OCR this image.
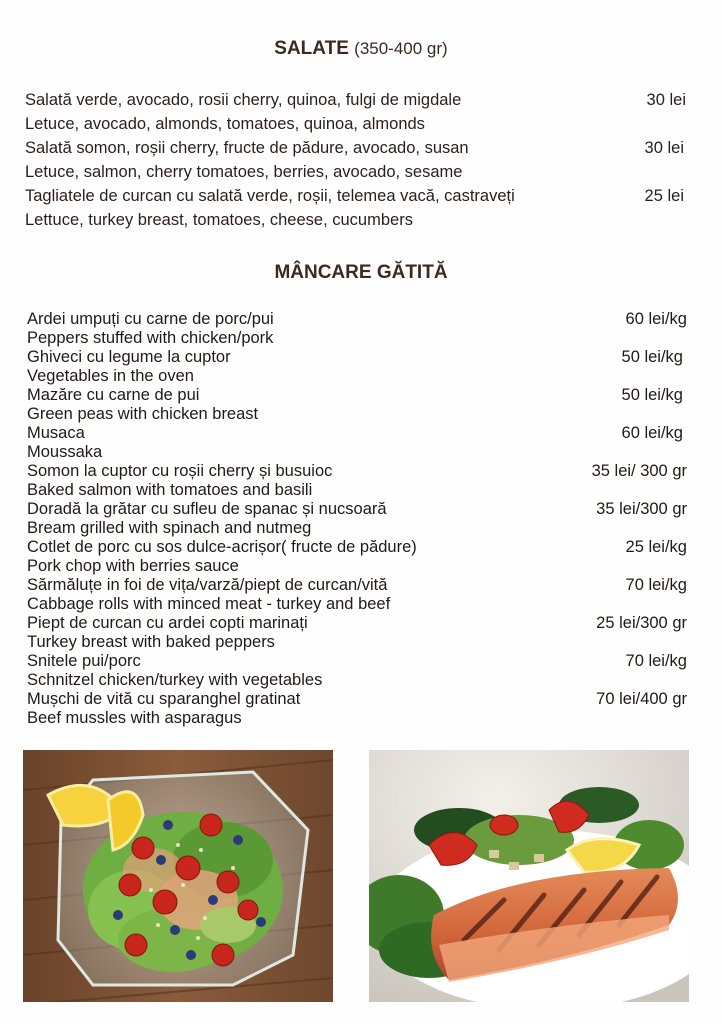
SALATE (350-400 gr)
Salată verde, avocado, rosii cherry, quinoa, fulgi de migdale	30 lei
Letuce, avocado, almonds, tomatoes, quinoa, almonds
Salată somon, roșii cherry, fructe de pădure, avocado, susan	30 lei
Letuce, salmon, cherry tomatoes, berries, avocado, sesame
Tagliatele de curcan cu salată verde, roșii, telemea vacă, castraveți	25 lei
Lettuce, turkey breast, tomatoes, cheese, cucumbers
MÂNCARE GĂTITĂ
Ardei umpuți cu carne de porc/pui	60 lei/kg
Peppers stuffed with chicken/pork
Ghiveci cu legume la cuptor	50 lei/kg
Vegetables in the oven
Mazăre cu carne de pui	50 lei/kg
Green peas with chicken breast
Musaca	60 lei/kg
Moussaka
Somon la cuptor cu roșii cherry și busuioc	35 lei/ 300 gr
Baked salmon with tomatoes and basili
Doradă la grătar cu sufleu de spanac și nucsoară	35 lei/300 gr
Bream grilled with spinach and nutmeg
Cotlet de porc cu sos dulce-acrișor( fructe de pădure)	25 lei/kg
Pork chop with berries sauce
Sărmăluțe in foi de vița/varză/piept de curcan/vită	70 lei/kg
Cabbage rolls with minced meat - turkey and beef
Piept de curcan cu ardei copti marinați	25 lei/300 gr
Turkey breast with baked peppers
Snitele pui/porc	70 lei/kg
Schnitzel chicken/turkey with vegetables
Mușchi de vită cu sparanghel gratinat	70 lei/400 gr
Beef mussles with asparagus
